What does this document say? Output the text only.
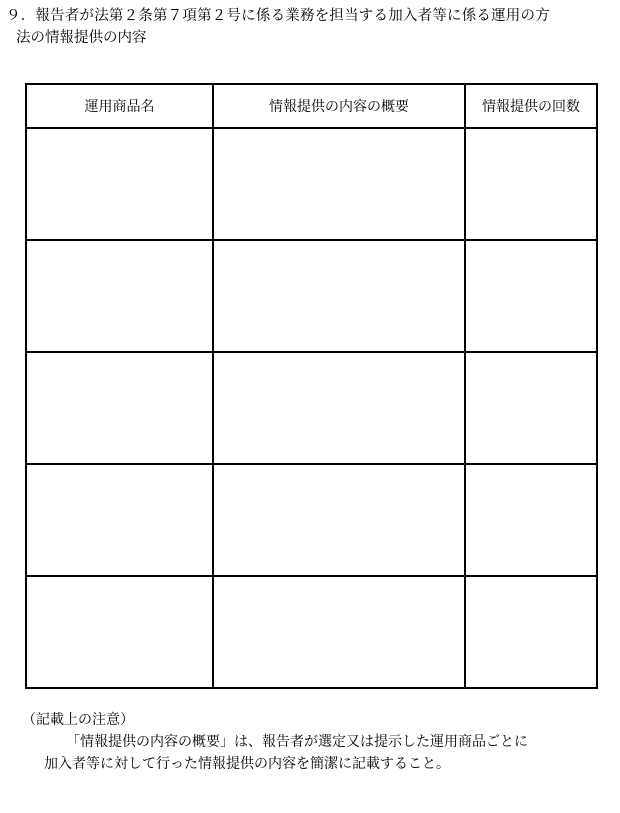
９．報告者が法第２条第７項第２号に係る業務を担当する加入者等に係る運用の方
法の情報提供の内容
運用商品名	情報提供の内容の概要	情報提供の回数

（記載上の注意）
「情報提供の内容の概要」は、報告者が選定又は提示した運用商品ごとに
加入者等に対して行った情報提供の内容を簡潔に記載すること。
